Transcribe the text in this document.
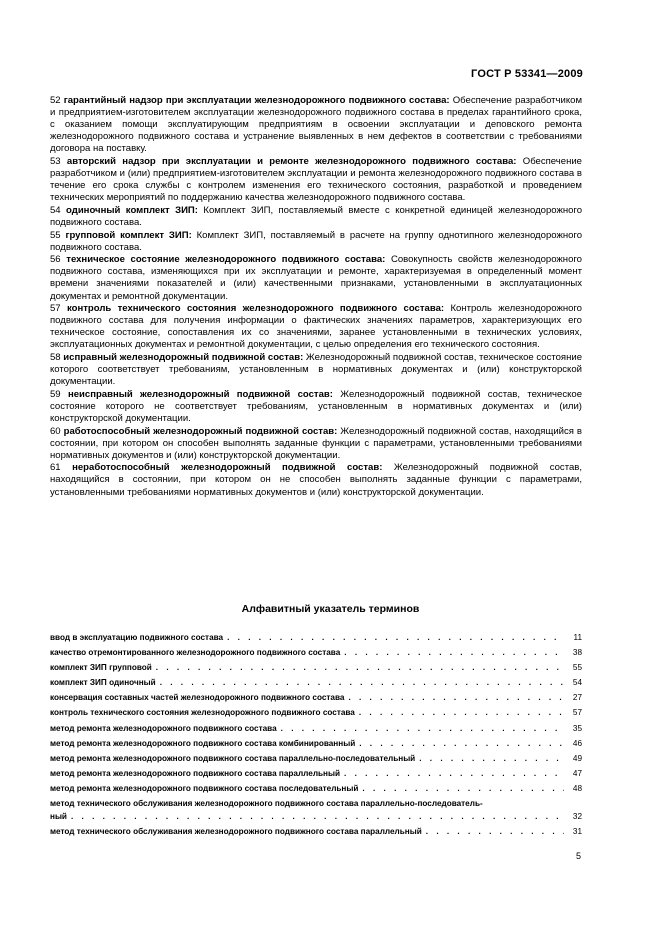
ГОСТ Р 53341—2009

52 гарантийный надзор при эксплуатации железнодорожного подвижного состава: Обеспечение разработчиком и предприятием-изготовителем эксплуатации железнодорожного подвижного состава в пределах гарантийного срока, с оказанием помощи эксплуатирующим предприятиям в освоении эксплуатации и деповского ремонта железнодорожного подвижного состава и устранение выявленных в нем дефектов в соответствии с требованиями договора на поставку.

53 авторский надзор при эксплуатации и ремонте железнодорожного подвижного состава: Обеспечение разработчиком и (или) предприятием-изготовителем эксплуатации и ремонта железнодорожного подвижного состава в течение его срока службы с контролем изменения его технического состояния, разработкой и проведением технических мероприятий по поддержанию качества железнодорожного подвижного состава.

54 одиночный комплект ЗИП: Комплект ЗИП, поставляемый вместе с конкретной единицей железнодорожного подвижного состава.

55 групповой комплект ЗИП: Комплект ЗИП, поставляемый в расчете на группу однотипного железнодорожного подвижного состава.

56 техническое состояние железнодорожного подвижного состава: Совокупность свойств железнодорожного подвижного состава, изменяющихся при их эксплуатации и ремонте, характеризуемая в определенный момент времени значениями показателей и (или) качественными признаками, установленными в эксплуатационных документах и ремонтной документации.

57 контроль технического состояния железнодорожного подвижного состава: Контроль железнодорожного подвижного состава для получения информации о фактических значениях параметров, характеризующих его техническое состояние, сопоставления их со значениями, заранее установленными в технических условиях, эксплуатационных документах и ремонтной документации, с целью определения его технического состояния.

58 исправный железнодорожный подвижной состав: Железнодорожный подвижной состав, техническое состояние которого соответствует требованиям, установленным в нормативных документах и (или) конструкторской документации.

59 неисправный железнодорожный подвижной состав: Железнодорожный подвижной состав, техническое состояние которого не соответствует требованиям, установленным в нормативных документах и (или) конструкторской документации.

60 работоспособный железнодорожный подвижной состав: Железнодорожный подвижной состав, находящийся в состоянии, при котором он способен выполнять заданные функции с параметрами, установленными требованиями нормативных документов и (или) конструкторской документации.

61 неработоспособный железнодорожный подвижной состав: Железнодорожный подвижной состав, находящийся в состоянии, при котором он не способен выполнять заданные функции с параметрами, установленными требованиями нормативных документов и (или) конструкторской документации.

Алфавитный указатель терминов
ввод в эксплуатацию подвижного состава . . .	11
качество отремонтированного железнодорожного подвижного состава . . .	38
комплект ЗИП групповой . . .	55
комплект ЗИП одиночный . . .	54
консервация составных частей железнодорожного подвижного состава . . .	27
контроль технического состояния железнодорожного подвижного состава . . .	57
метод ремонта железнодорожного подвижного состава . . .	35
метод ремонта железнодорожного подвижного состава комбинированный . . .	46
метод ремонта железнодорожного подвижного состава параллельно-последовательный . . .	49
метод ремонта железнодорожного подвижного состава параллельный . . .	47
метод ремонта железнодорожного подвижного состава последовательный . . .	48
метод технического обслуживания железнодорожного подвижного состава параллельно-последователь-
ный . . .	32
метод технического обслуживания железнодорожного подвижного состава параллельный . . .	31
5
